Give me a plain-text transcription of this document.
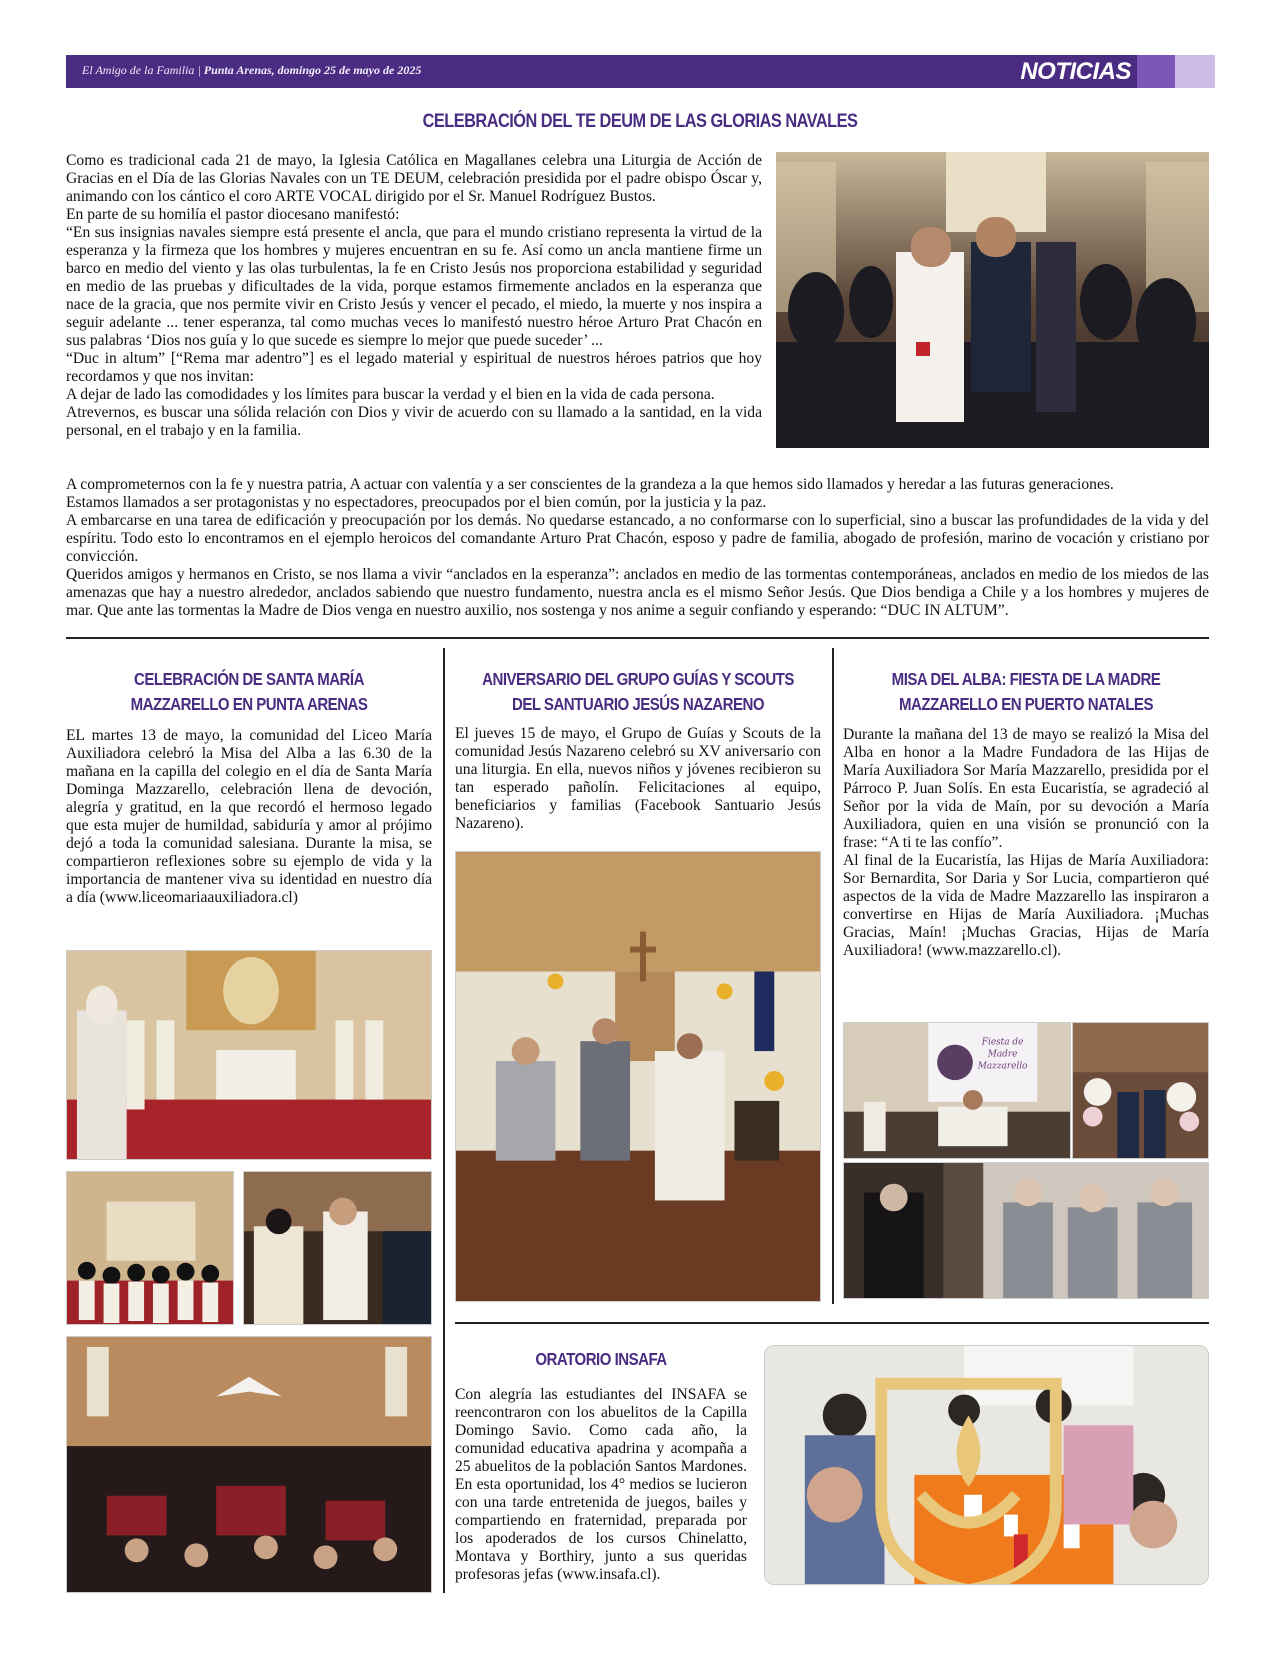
El Amigo de la Familia | Punta Arenas, domingo 25 de mayo de 2025	NOTICIAS
CELEBRACIÓN DEL TE DEUM DE LAS GLORIAS NAVALES

Como es tradicional cada 21 de mayo, la Iglesia Católica en Magallanes celebra una Liturgia de Acción de Gracias en el Día de las Glorias Navales con un TE DEUM, celebración presidida por el padre obispo Óscar y, animando con los cántico el coro ARTE VOCAL dirigido por el Sr. Manuel Rodríguez Bustos.

En parte de su homilía el pastor diocesano manifestó:

“En sus insignias navales siempre está presente el ancla, que para el mundo cristiano representa la virtud de la esperanza y la firmeza que los hombres y mujeres encuentran en su fe. Así como un ancla mantiene firme un barco en medio del viento y las olas turbulentas, la fe en Cristo Jesús nos proporciona estabilidad y seguridad en medio de las pruebas y dificultades de la vida, porque estamos firmemente anclados en la esperanza que nace de la gracia, que nos permite vivir en Cristo Jesús y vencer el pecado, el miedo, la muerte y nos inspira a seguir adelante ... tener esperanza, tal como muchas veces lo manifestó nuestro héroe Arturo Prat Chacón en sus palabras ‘Dios nos guía y lo que sucede es siempre lo mejor que puede suceder’ ...

“Duc in altum” [“Rema mar adentro”] es el legado material y espiritual de nuestros héroes patrios que hoy recordamos y que nos invitan:

A dejar de lado las comodidades y los límites para buscar la verdad y el bien en la vida de cada persona.

Atrevernos, es buscar una sólida relación con Dios y vivir de acuerdo con su llamado a la santidad, en la vida personal, en el trabajo y en la familia.

A comprometernos con la fe y nuestra patria, A actuar con valentía y a ser conscientes de la grandeza a la que hemos sido llamados y heredar a las futuras generaciones.

Estamos llamados a ser protagonistas y no espectadores, preocupados por el bien común, por la justicia y la paz.

A embarcarse en una tarea de edificación y preocupación por los demás. No quedarse estancado, a no conformarse con lo superficial, sino a buscar las profundidades de la vida y del espíritu. Todo esto lo encontramos en el ejemplo heroicos del comandante Arturo Prat Chacón, esposo y padre de familia, abogado de profesión, marino de vocación y cristiano por convicción.

Queridos amigos y hermanos en Cristo, se nos llama a vivir “anclados en la esperanza”: anclados en medio de las tormentas contemporáneas, anclados en medio de los miedos de las amenazas que hay a nuestro alrededor, anclados sabiendo que nuestro fundamento, nuestra ancla es el mismo Señor Jesús. Que Dios bendiga a Chile y a los hombres y mujeres de mar. Que ante las tormentas la Madre de Dios venga en nuestro auxilio, nos sostenga y nos anime a seguir confiando y esperando: “DUC IN ALTUM”.

CELEBRACIÓN DE SANTA MARÍA MAZZARELLO EN PUNTA ARENAS
EL martes 13 de mayo, la comunidad del Liceo María Auxiliadora celebró la Misa del Alba a las 6.30 de la mañana en la capilla del colegio en el día de Santa María Dominga Mazzarello, celebración llena de devoción, alegría y gratitud, en la que recordó el hermoso legado que esta mujer de humildad, sabiduría y amor al prójimo dejó a toda la comunidad salesiana. Durante la misa, se compartieron reflexiones sobre su ejemplo de vida y la importancia de mantener viva su identidad en nuestro día a día (www.liceomariaauxiliadora.cl)
ANIVERSARIO DEL GRUPO GUÍAS Y SCOUTS DEL SANTUARIO JESÚS NAZARENO
El jueves 15 de mayo, el Grupo de Guías y Scouts de la comunidad Jesús Nazareno celebró su XV aniversario con una liturgia. En ella, nuevos niños y jóvenes recibieron su tan esperado pañolín. Felicitaciones al equipo, beneficiarios y familias (Facebook Santuario Jesús Nazareno).
MISA DEL ALBA: FIESTA DE LA MADRE MAZZARELLO EN PUERTO NATALES

Durante la mañana del 13 de mayo se realizó la Misa del Alba en honor a la Madre Fundadora de las Hijas de María Auxiliadora Sor María Mazzarello, presidida por el Párroco P. Juan Solís. En esta Eucaristía, se agradeció al Señor por la vida de Maín, por su devoción a María Auxiliadora, quien en una visión se pronunció con la frase: “A ti te las confío”.

Al final de la Eucaristía, las Hijas de María Auxiliadora: Sor Bernardita, Sor Daria y Sor Lucia, compartieron qué aspectos de la vida de Madre Mazzarello las inspiraron a convertirse en Hijas de María Auxiliadora. ¡Muchas Gracias, Maín! ¡Muchas Gracias, Hijas de María Auxiliadora! (www.mazzarello.cl).

Fiesta de
Madre
Mazzarello
ORATORIO INSAFA
Con alegría las estudiantes del INSAFA se reencontraron con los abuelitos de la Capilla Domingo Savio. Como cada año, la comunidad educativa apadrina y acompaña a 25 abuelitos de la población Santos Mardones. En esta oportunidad, los 4° medios se lucieron con una tarde entretenida de juegos, bailes y compartiendo en fraternidad, preparada por los apoderados de los cursos Chinelatto, Montava y Borthiry, junto a sus queridas profesoras jefas (www.insafa.cl).
